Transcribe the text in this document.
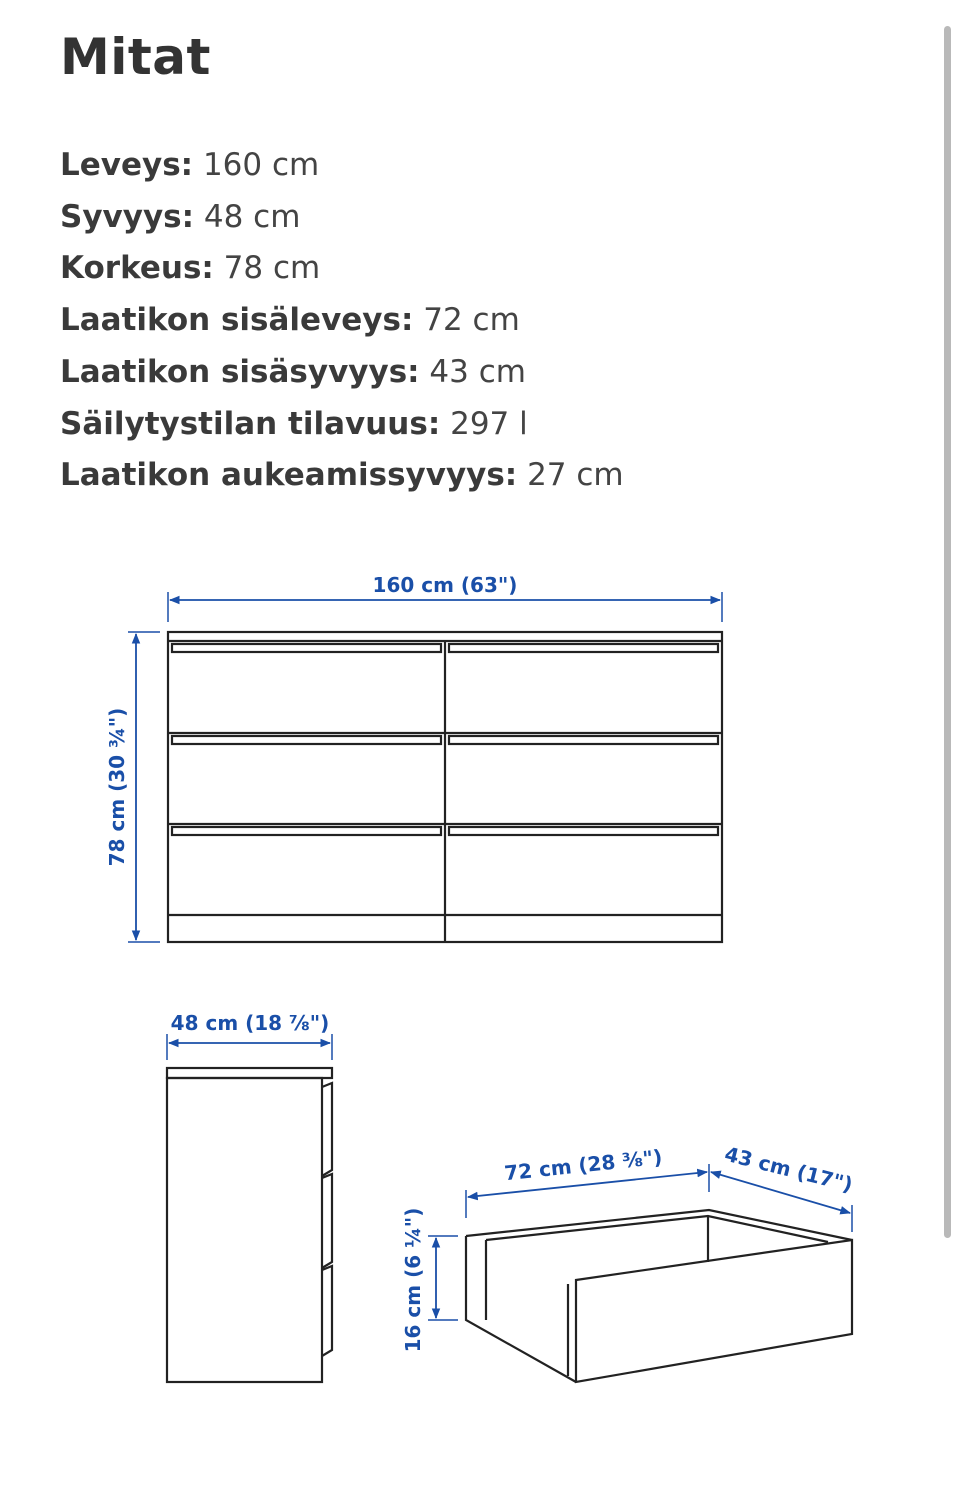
Mitat
Leveys: 160 cm
Syvyys: 48 cm
Korkeus: 78 cm
Laatikon sisäleveys: 72 cm
Laatikon sisäsyvyys: 43 cm
Säilytystilan tilavuus: 297 l
Laatikon aukeamissyvyys: 27 cm
160 cm (63")
78 cm (30 ¾")
48 cm (18 ⅞")
72 cm (28 ⅜")	43 cm (17")
16 cm (6 ¼")
